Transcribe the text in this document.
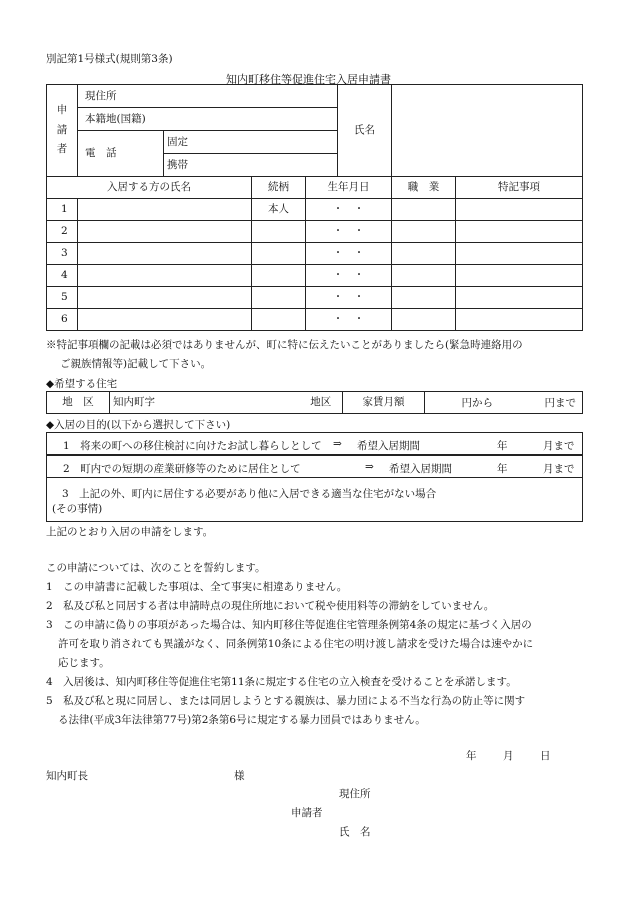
別記第1号様式(規則第3条)
知内町移住等促進住宅入居申請書
申
請
者	現住所		氏名	
	本籍地(国籍)			
	電　話	固定		
		携帯		
入居する方の氏名		続柄	生年月日	職　業	特記事項
1		本人	・　・		
2			・　・		
3			・　・		
4			・　・		
5			・　・		
6			・　・		
※特記事項欄の記載は必須ではありませんが、町に特に伝えたいことがありましたら(緊急時連絡用の
ご親族情報等)記載して下さい。
◆希望する住宅
地　区	知内町字	地区	家賃月額	円から	円まで
◆入居の目的(以下から選択して下さい)
1　将来の町への移住検討に向けたお試し暮らしとして ⇒ 希望入居期間	年	月まで
2　町内での短期の産業研修等のために居住として	⇒ 希望入居期間	年	月まで
3　上記の外、町内に居住する必要があり他に入居できる適当な住宅がない場合
(その事情)
上記のとおり入居の申請をします。
この申請については、次のことを誓約します。
1　この申請書に記載した事項は、全て事実に相違ありません。
2　私及び私と同居する者は申請時点の現住所地において税や使用料等の滞納をしていません。
3　この申請に偽りの事項があった場合は、知内町移住等促進住宅管理条例第4条の規定に基づく入居の
許可を取り消されても異議がなく、同条例第10条による住宅の明け渡し請求を受けた場合は速やかに
応じます。
4　入居後は、知内町移住等促進住宅第11条に規定する住宅の立入検査を受けることを承諾します。
5　私及び私と現に同居し、または同居しようとする親族は、暴力団による不当な行為の防止等に関す
る法律(平成3年法律第77号)第2条第6号に規定する暴力団員ではありません。
年	月	日
知内町長	様
現住所
申請者
氏　名
